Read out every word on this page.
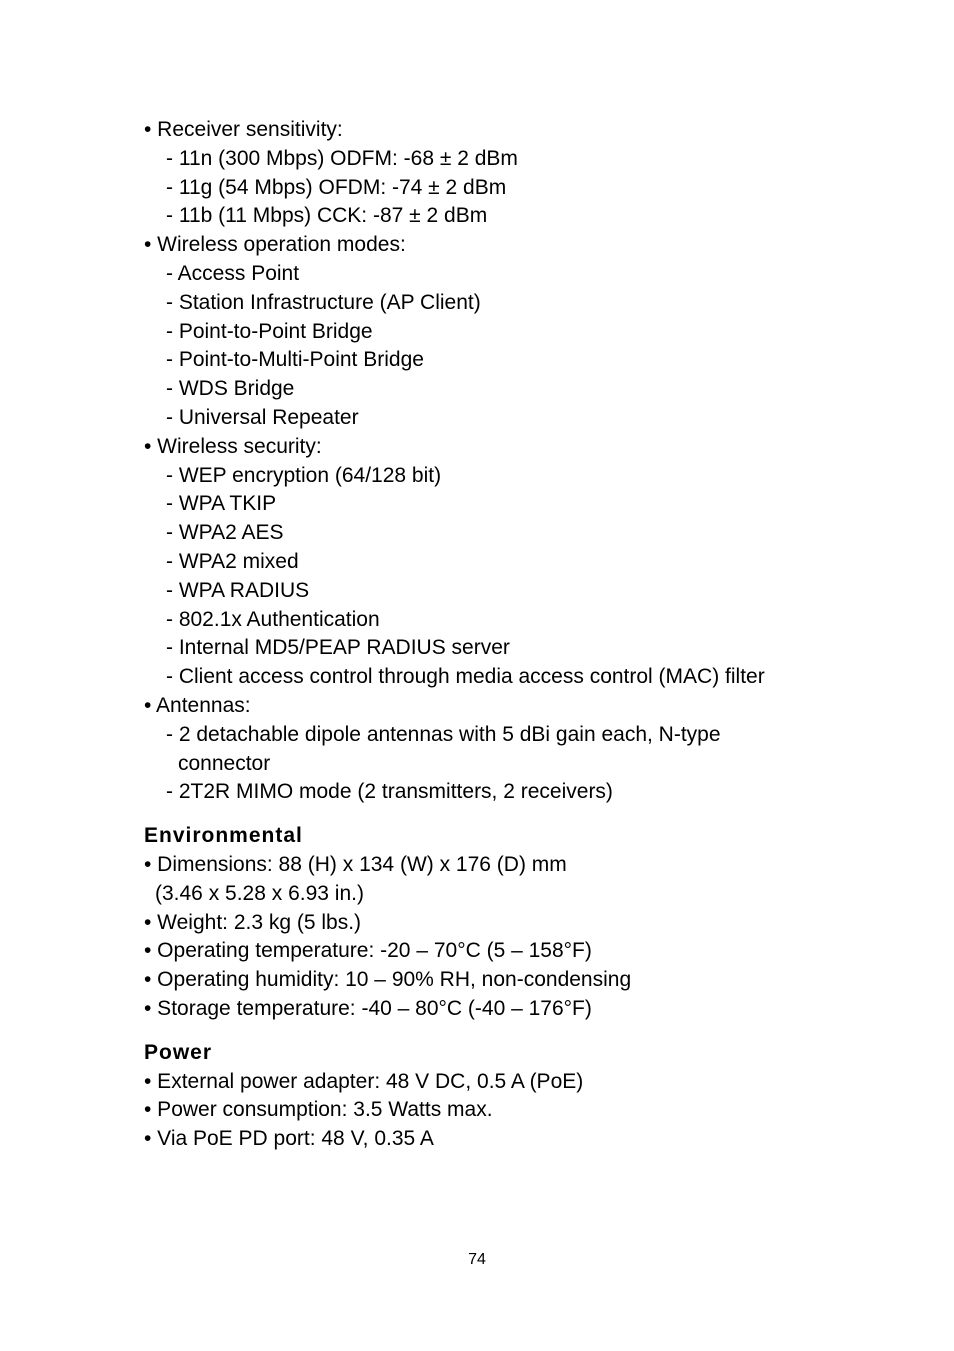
• Receiver sensitivity:

- 11n (300 Mbps) ODFM: -68 ± 2 dBm

- 11g (54 Mbps) OFDM: -74 ± 2 dBm

- 11b (11 Mbps) CCK: -87 ± 2 dBm

• Wireless operation modes:

- Access Point

- Station Infrastructure (AP Client)

- Point-to-Point Bridge

- Point-to-Multi-Point Bridge

- WDS Bridge

- Universal Repeater

• Wireless security:

- WEP encryption (64/128 bit)

- WPA TKIP

- WPA2 AES

- WPA2 mixed

- WPA RADIUS

- 802.1x Authentication

- Internal MD5/PEAP RADIUS server

- Client access control through media access control (MAC) filter

• Antennas:

- 2 detachable dipole antennas with 5 dBi gain each, N-type

connector

- 2T2R MIMO mode (2 transmitters, 2 receivers)

Environmental

• Dimensions: 88 (H) x 134 (W) x 176 (D) mm

(3.46 x 5.28 x 6.93 in.)

• Weight: 2.3 kg (5 lbs.)

• Operating temperature: -20 – 70°C (5 – 158°F)

• Operating humidity: 10 – 90% RH, non-condensing

• Storage temperature: -40 – 80°C (-40 – 176°F)

Power

• External power adapter: 48 V DC, 0.5 A (PoE)

• Power consumption: 3.5 Watts max.

• Via PoE PD port: 48 V, 0.35 A

74
